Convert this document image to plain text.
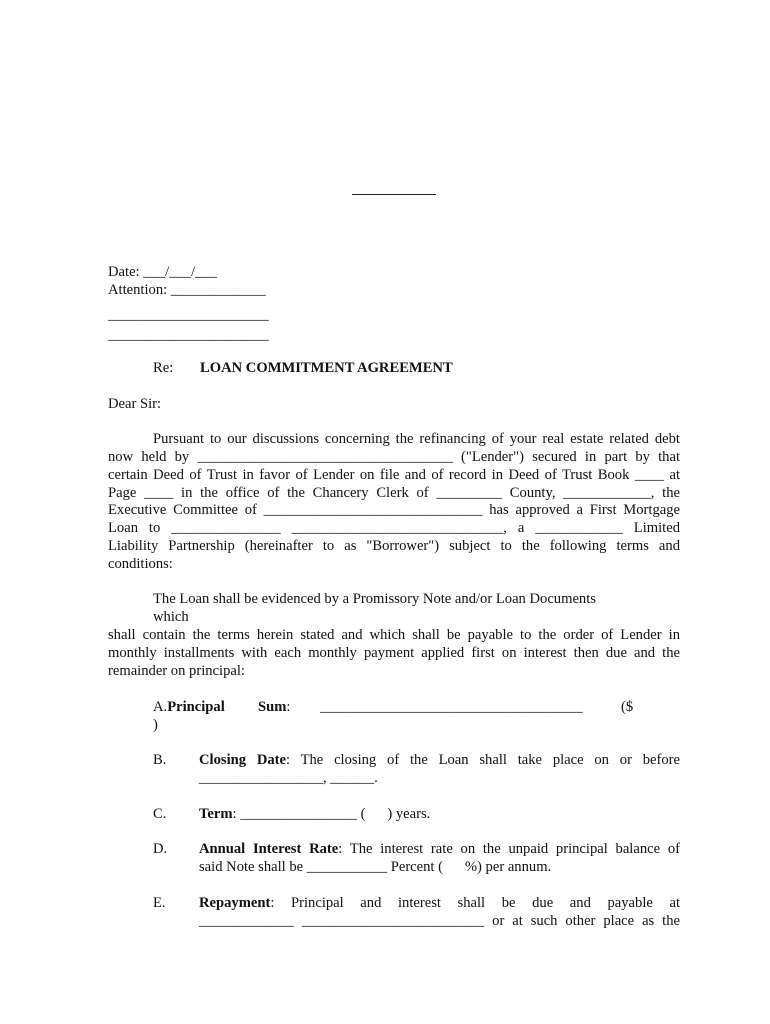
Date: ___/___/___
Attention: _____________
______________________
______________________
Re: LOAN COMMITMENT AGREEMENT
Dear Sir:
Pursuant to our discussions concerning the refinancing of your real estate related debt
now held by ___________________________________ ("Lender") secured in part by that
certain Deed of Trust in favor of Lender on file and of record in Deed of Trust Book ____ at
Page ____ in the office of the Chancery Clerk of _________ County, ____________, the
Executive Committee of ______________________________ has approved a First Mortgage
Loan to _______________ _____________________________, a ____________ Limited
Liability Partnership (hereinafter to as "Borrower") subject to the following terms and
conditions:
The Loan shall be evidenced by a Promissory Note and/or Loan Documents
which
shall contain the terms herein stated and which shall be payable to the order of Lender in
monthly installments with each monthly payment applied first on interest then due and the
remainder on principal:
A.Principal Sum: ____________________________________	($
)
B. Closing Date: The closing of the Loan shall take place on or before
_________________, ______.
C. Term: ________________ (      ) years.
D. Annual Interest Rate: The interest rate on the unpaid principal balance of
said Note shall be ___________ Percent (      %) per annum.
E. Repayment: Principal and interest shall be due and payable at
_____________ _________________________ or at such other place as the
